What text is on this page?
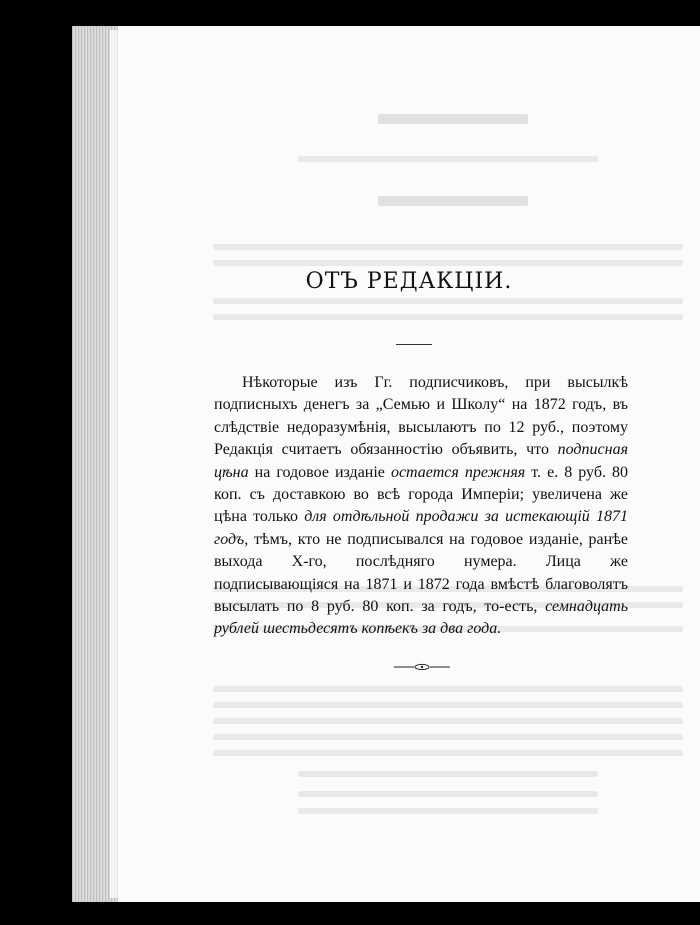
ОТЪ РЕДАКЦІИ.

Нѣкоторые изъ Гг. подписчиковъ, при высылкѣ подписныхъ денегъ за „Семью и Школу“ на 1872 годъ, въ слѣдствіе недоразумѣнія, высылаютъ по 12 руб., поэтому Редакція считаетъ обязанностію объявить, что подписная цѣна на годовое изданіе остается прежняя т. е. 8 руб. 80 коп. съ доставкою во всѣ города Имперіи; увеличена же цѣна только для отдѣльной продажи за истекающій 1871 годъ, тѣмъ, кто не подписывался на годовое изданіе, ранѣе выхода X-го, послѣдняго нумера. Лица же подписывающіяся на 1871 и 1872 года вмѣстѣ благоволятъ высылать по 8 руб. 80 коп. за годъ, то-есть, семнадцать рублей шестьдесятъ копѣекъ за два года.
